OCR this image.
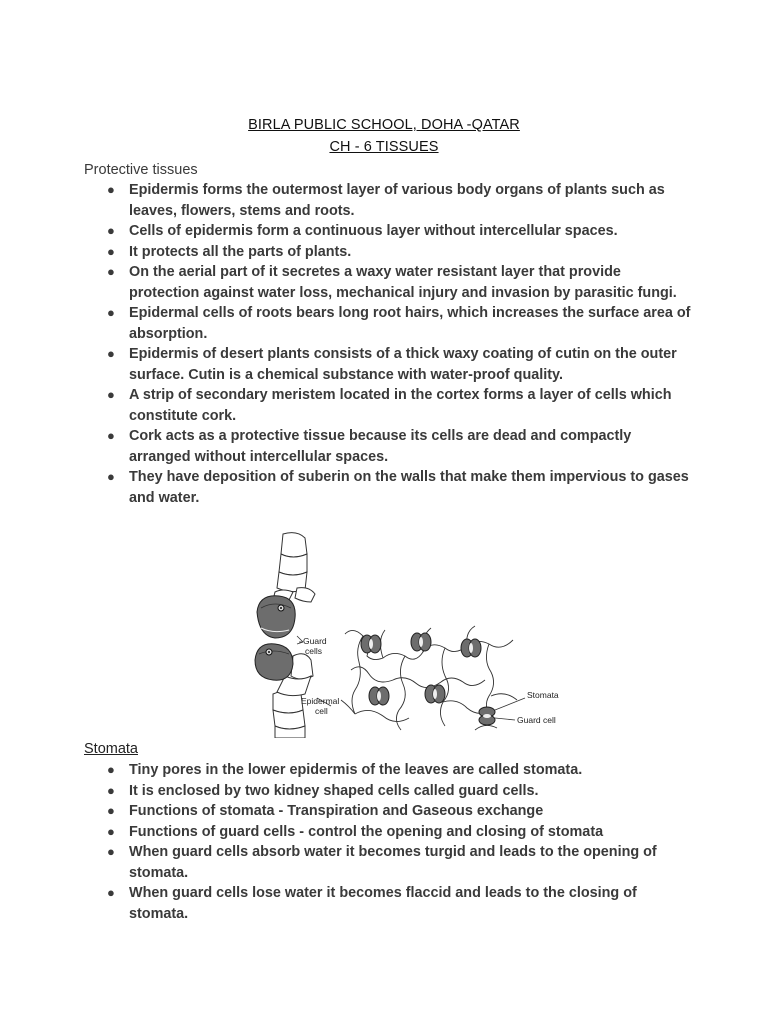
BIRLA PUBLIC SCHOOL, DOHA -QATAR
CH - 6 TISSUES
Protective tissues
● Epidermis forms the outermost layer of various body organs of plants such as leaves, flowers, stems and roots.
● Cells of epidermis form a continuous layer without intercellular spaces.
● It protects all the parts of plants.
● On the aerial part of it secretes a waxy water resistant layer that provide protection against water loss, mechanical injury and invasion by parasitic fungi.
● Epidermal cells of roots bears long root hairs, which increases the surface area of absorption.
● Epidermis of desert plants consists of a thick waxy coating of cutin on the outer surface. Cutin is a chemical substance with water-proof quality.
● A strip of secondary meristem located in the cortex forms a layer of cells which constitute cork.
● Cork acts as a protective tissue because its cells are dead and compactly arranged without intercellular spaces.
● They have deposition of suberin on the walls that make them impervious to gases and water.
Guard
cells
Epidermal
cell
Stomata
Guard cell
Stomata
● Tiny pores in the lower epidermis of the leaves are called stomata.
● It is enclosed by two kidney shaped cells called guard cells.
● Functions of stomata - Transpiration and Gaseous exchange
● Functions of guard cells - control the opening and closing of stomata
● When guard cells absorb water it becomes turgid and leads to the opening of stomata.
● When guard cells lose water it becomes flaccid and leads to the closing of stomata.
